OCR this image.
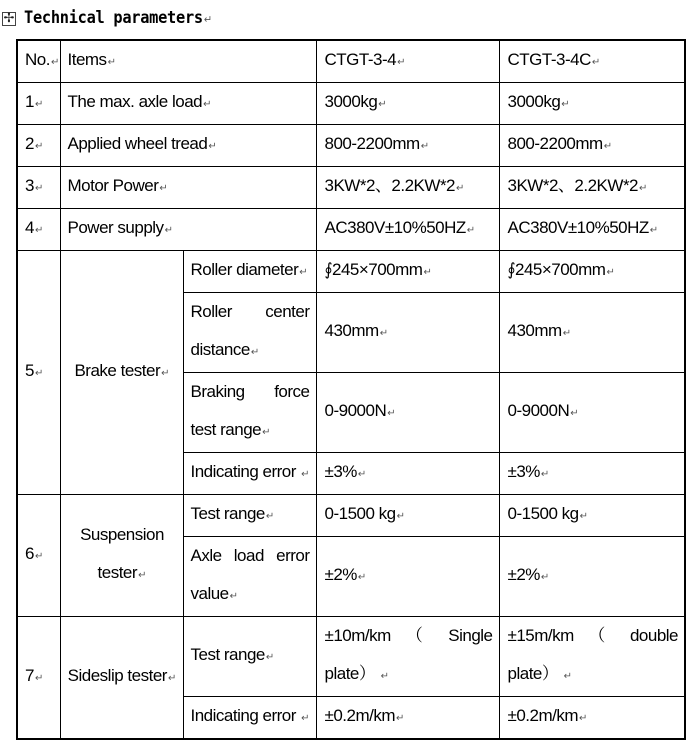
✢ Technical parameters↵
No.↵	Items↵		CTGT-3-4↵	CTGT-3-4C↵
1↵	The max. axle load↵		3000kg↵	3000kg↵
2↵	Applied wheel tread↵		800-2200mm↵	800-2200mm↵
3↵	Motor Power↵		3KW*2、2.2KW*2↵	3KW*2、2.2KW*2↵
4↵	Power supply↵		AC380V±10%50HZ↵	AC380V±10%50HZ↵
5↵	Brake tester↵	Roller diameter↵	∮245×700mm↵	∮245×700mm↵

		Roller center
distance↵	430mm↵	430mm↵

		Braking force
test range↵	0-9000N↵	0-9000N↵
		Indicating error ↵	±3%↵	±3%↵
6↵	Suspension
tester↵	Test range↵	0-1500 kg↵	0-1500 kg↵

		Axle load error
value↵	±2%↵	±2%↵
7↵	Sideslip tester↵	Test range↵	±10m/km （ Single
plate） ↵	±15m/km （ double
plate） ↵
		Indicating error ↵	±0.2m/km↵	±0.2m/km↵
